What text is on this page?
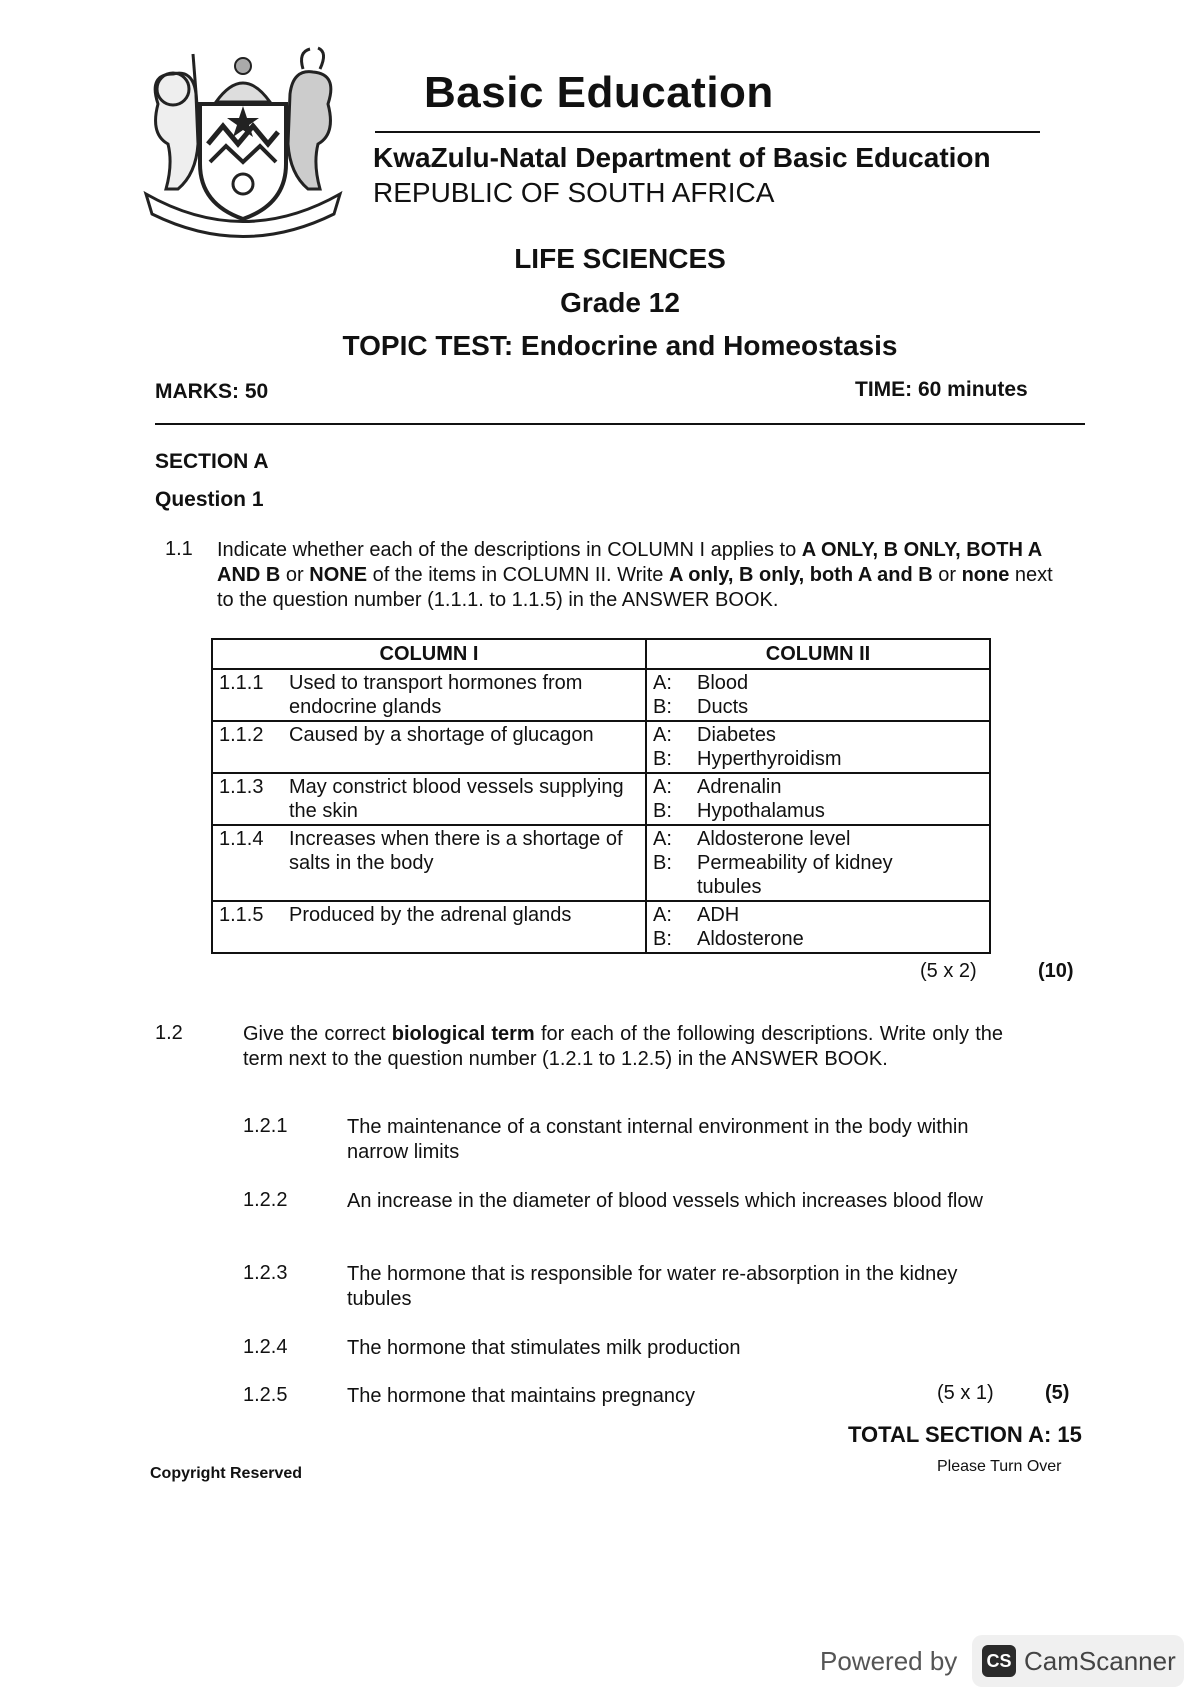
Basic Education
KwaZulu-Natal Department of Basic Education
REPUBLIC OF SOUTH AFRICA
LIFE SCIENCES
Grade 12
TOPIC TEST: Endocrine and Homeostasis
MARKS: 50	TIME: 60 minutes
SECTION A
Question 1
1.1 Indicate whether each of the descriptions in COLUMN I applies to A ONLY, B ONLY, BOTH A AND B or NONE of the items in COLUMN II. Write A only, B only, both A and B or none next to the question number (1.1.1. to 1.1.5) in the ANSWER BOOK.
COLUMN I	COLUMN II
1.1.1 Used to transport hormones from endocrine glands	A: Blood
B: Ducts

1.1.2 Caused by a shortage of glucagon	A: Diabetes
B: Hyperthyroidism

1.1.3 May constrict blood vessels supplying the skin	A: Adrenalin
B: Hypothalamus

1.1.4 Increases when there is a shortage of salts in the body	A: Aldosterone level
B: Permeability of kidney tubules

1.1.5 Produced by the adrenal glands	A: ADH
B: Aldosterone
(5 x 2)	(10)
1.2	Give the correct biological term for each of the following descriptions. Write only the term next to the question number (1.2.1 to 1.2.5) in the ANSWER BOOK.
1.2.1	The maintenance of a constant internal environment in the body within narrow limits
1.2.2	An increase in the diameter of blood vessels which increases blood flow
1.2.3	The hormone that is responsible for water re-absorption in the kidney tubules
1.2.4	The hormone that stimulates milk production
1.2.5	The hormone that maintains pregnancy	(5 x 1)	(5)
TOTAL SECTION A: 15
Copyright Reserved	Please Turn Over
Powered by CS CamScanner
